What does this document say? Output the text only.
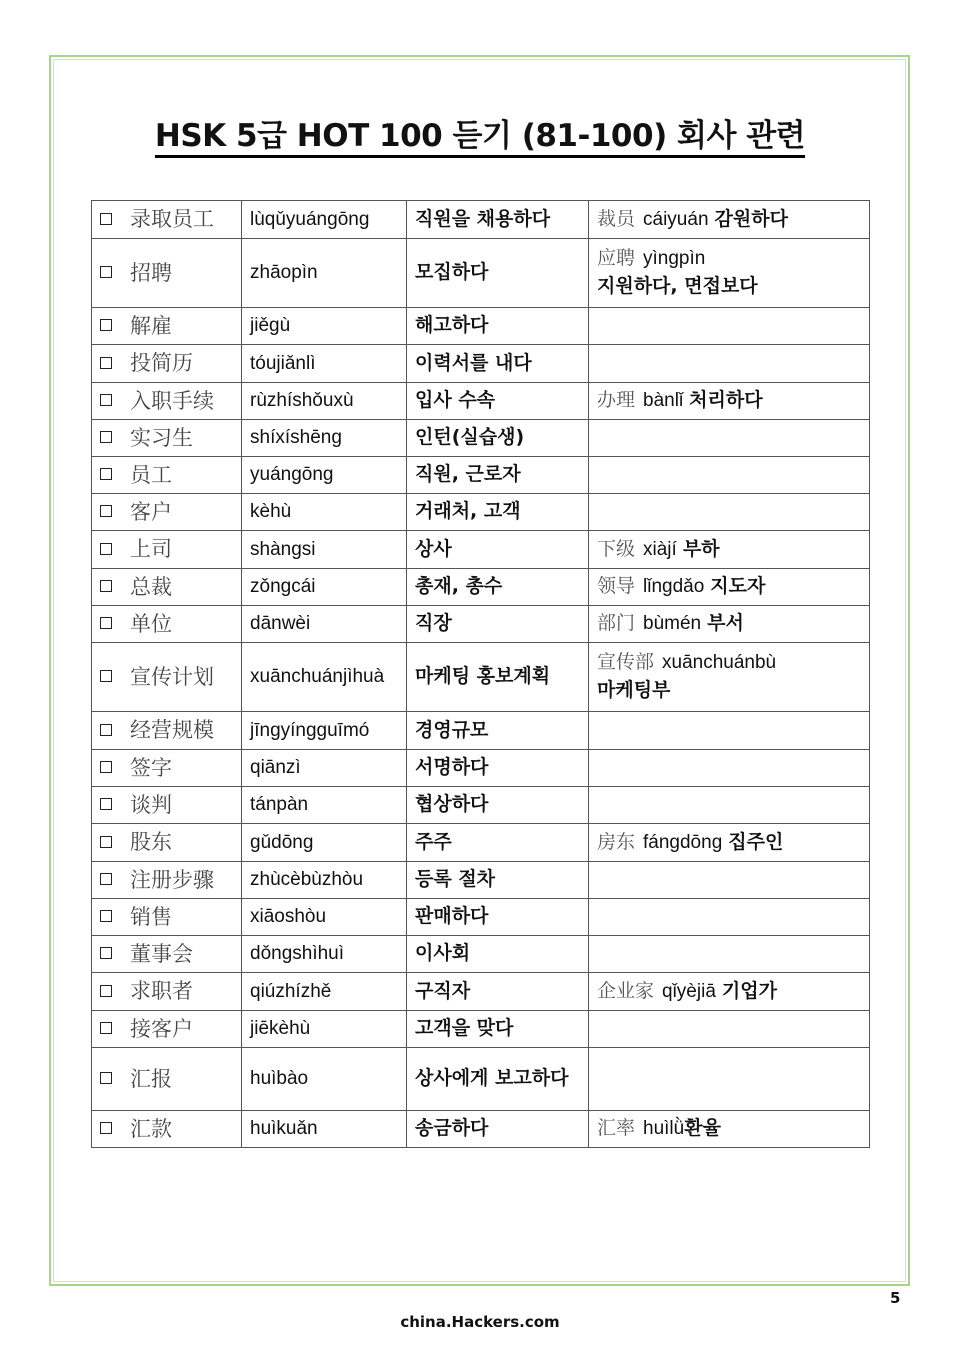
HSK 5급 HOT 100 듣기 (81-100) 회사 관련
录取员工	lùqǔyuángōng	직원을 채용하다	裁员 cáiyuán 감원하다
招聘	zhāopìn	모집하다	应聘 yìngpìn
지원하다, 면접보다
解雇	jiěgù	해고하다	
投简历	tóujiǎnlì	이력서를 내다	
入职手续	rùzhíshǒuxù	입사 수속	办理 bànlǐ 처리하다
实习生	shíxíshēng	인턴(실습생)	
员工	yuángōng	직원, 근로자	
客户	kèhù	거래처, 고객	
上司	shàngsi	상사	下级 xiàjí 부하
总裁	zǒngcái	총재, 총수	领导 lǐngdǎo 지도자
单位	dānwèi	직장	部门 bùmén 부서
宣传计划	xuānchuánjìhuà	마케팅 홍보계획	宣传部 xuānchuánbù
마케팅부
经营规模	jīngyíngguīmó	경영규모	
签字	qiānzì	서명하다	
谈判	tánpàn	협상하다	
股东	gǔdōng	주주	房东 fángdōng 집주인
注册步骤	zhùcèbùzhòu	등록 절차	
销售	xiāoshòu	판매하다	
董事会	dǒngshìhuì	이사회	
求职者	qiúzhízhě	구직자	企业家 qǐyèjiā 기업가
接客户	jiēkèhù	고객을 맞다	
汇报	huìbào	상사에게 보고하다	
汇款	huìkuǎn	송금하다	汇率 huìlǜ환율
5
china.Hackers.com
